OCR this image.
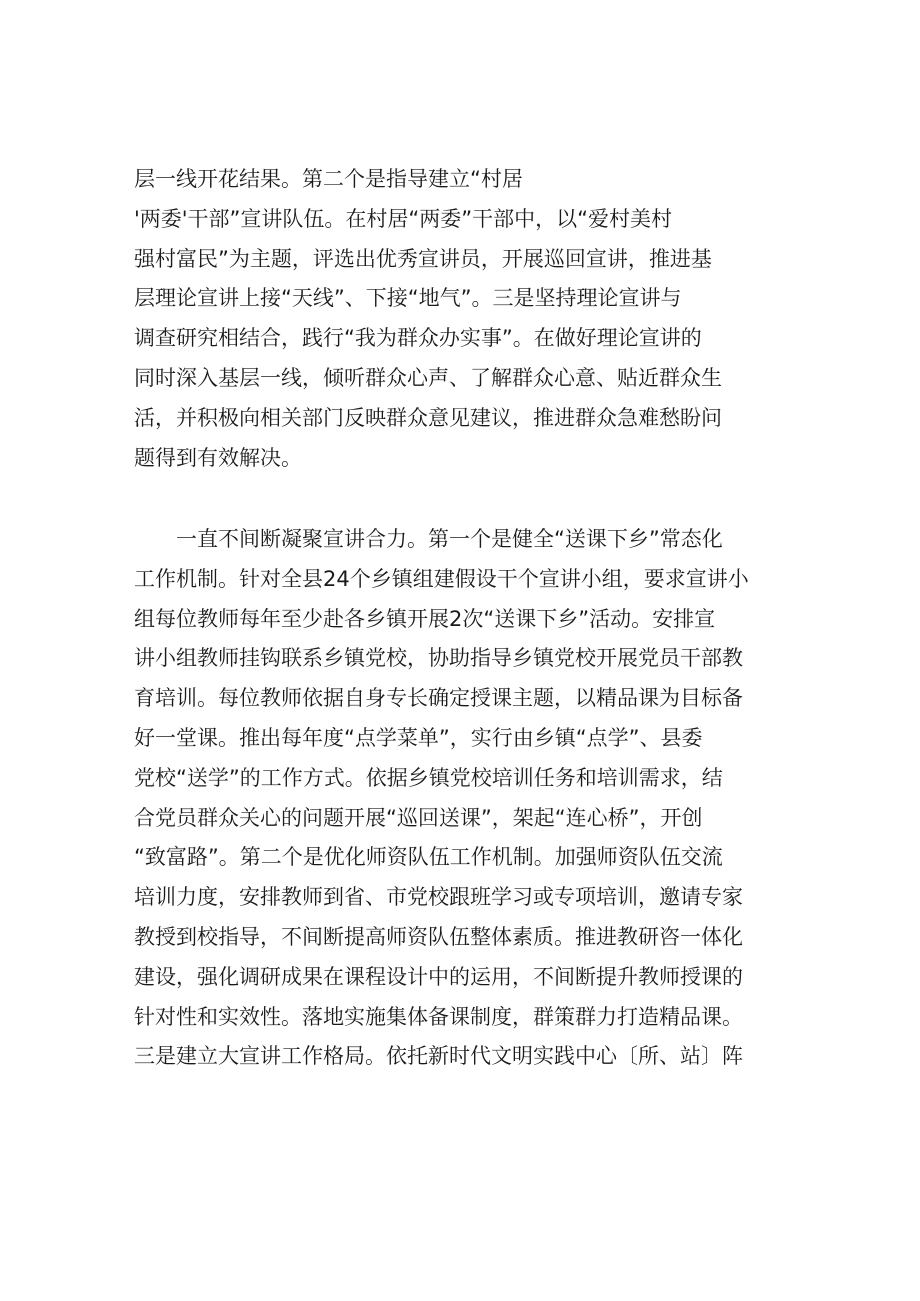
层一线开花结果。第二个是指导建立“村居
'两委'干部”宣讲队伍。在村居“两委”干部中，以“爱村美村
强村富民”为主题，评选出优秀宣讲员，开展巡回宣讲，推进基
层理论宣讲上接“天线”、下接“地气”。三是坚持理论宣讲与
调查研究相结合，践行“我为群众办实事”。在做好理论宣讲的
同时深入基层一线，倾听群众心声、了解群众心意、贴近群众生
活，并积极向相关部门反映群众意见建议，推进群众急难愁盼问
题得到有效解决。
　　一直不间断凝聚宣讲合力。第一个是健全“送课下乡”常态化
工作机制。针对全县24个乡镇组建假设干个宣讲小组，要求宣讲小
组每位教师每年至少赴各乡镇开展2次“送课下乡”活动。安排宣
讲小组教师挂钩联系乡镇党校，协助指导乡镇党校开展党员干部教
育培训。每位教师依据自身专长确定授课主题，以精品课为目标备
好一堂课。推出每年度“点学菜单”，实行由乡镇“点学”、县委
党校“送学”的工作方式。依据乡镇党校培训任务和培训需求，结
合党员群众关心的问题开展“巡回送课”，架起“连心桥”，开创
“致富路”。第二个是优化师资队伍工作机制。加强师资队伍交流
培训力度，安排教师到省、市党校跟班学习或专项培训，邀请专家
教授到校指导，不间断提高师资队伍整体素质。推进教研咨一体化
建设，强化调研成果在课程设计中的运用，不间断提升教师授课的
针对性和实效性。落地实施集体备课制度，群策群力打造精品课。
三是建立大宣讲工作格局。依托新时代文明实践中心〔所、站〕阵
